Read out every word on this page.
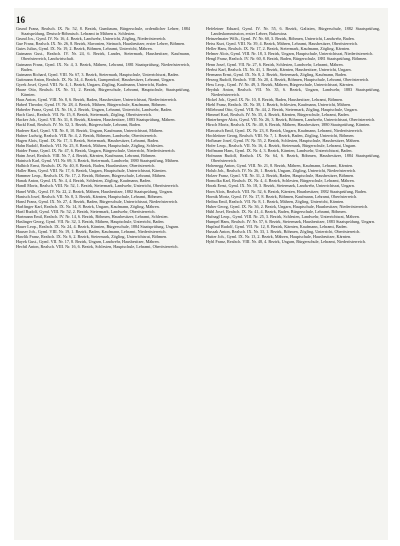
16
Grund Franz, Realsch. IX. Nr. 52, 8. Bezirk, Gumbaum, Bürgerschule, ordentlicher Lehrer, 1884 Staatsprüfung, Deutsch-Böhmisch. Lehramt in Mähren u. Schlesien.
Grund Jos., Gyml. IV. Nr. 16, 4. Bezirk, Landwehr, Unterricht, Zögling, Niederösterreich.
Gue Franz, Realsch. IX. Nr. 26, 8. Bezirk, Slavonien, Steinach, Hausbesitzer, erster Lehrer, Böhmen.
Gutes Julius, Gyml. IX. Nr. 19, 2. Bezirk, Böhmen, Lehramt, Unterricht, Mähren.
Gutmann Gust., Realsch. IV. Nr. 24, 6. Bezirk, Landes, Steiermark, Hausbesitzer, Kaufmann, Oberösterreich, Landwirtschaft.
Gutmann Franz, Gyml. IX. Nr. 4, 3. Bezirk, Mähren, Lehramt, 1881 Staatsprüfung, Niederösterreich, Baden.
Gutmann Richard, Gyml. VIII. Nr. 67, 3. Bezirk, Steiermark, Hauptschule, Unterrichtsrat, Baden.
Guttmann Anton, Realsch. IX. Nr. 34, 4. Bezirk, Gumpendorf, Hausbesitzer, Lehramt, Ungarn.
Gyrek Josef, Gyml. VIII. Nr. 4, 1. Bezirk, Ungarn, Zögling, Kaufmann, Unterricht, Baden.
Haase Otto, Realsch. IX. Nr. 51, 2. Bezirk, Bürgerschule, Lehramt, Hauptschule, Staatsprüfung, Kärnten.
Haas Anton, Gyml. VIII. Nr. 8, 6. Bezirk, Baden, Hausbesitzer, Unterrichtsrat, Niederösterreich.
Haberl Theodor, Gyml. IV. Nr. 28, 4. Bezirk, Mähren, Bürgerschule, Kaufmann, Böhmen.
Haberler Franz, Gyml. IX. Nr. 16, 2. Bezirk, Ungarn, Lehramt, Unterricht, Landwehr, Baden.
Hach Gust., Realsch. VII. Nr. 15, 8. Bezirk, Steiermark, Zögling, Oberösterreich.
Hacker Joh., Gyml. VII. Nr. 31, 8. Bezirk, Kärnten, Hausbesitzer, 1883 Staatsprüfung, Mähren.
Hackl Emil, Realsch. IV. Nr. 52, 3. Bezirk, Bürgerschule, Lehramt, Baden.
Haderer Karl, Gyml. VII. Nr. 8, 10. Bezirk, Ungarn, Kaufmann, Unterrichtsrat, Mähren.
Hafner Ludwig, Realsch. VIII. Nr. 4, 2. Bezirk, Böhmen, Landwehr, Oberösterreich.
Hagen Alois, Gyml. IX. Nr. 17, 3. Bezirk, Steiermark, Hausbesitzer, Lehramt, Baden.
Hahn Rudolf, Realsch. VII. Nr. 25, 8. Bezirk, Mähren, Hauptschule, Zögling, Schlesien.
Haider Franz, Gyml. IX. Nr. 47, 6. Bezirk, Ungarn, Bürgerschule, Unterricht, Niederösterreich.
Haim Josef, Realsch. VIII. Nr. 7, 4. Bezirk, Kärnten, Kaufmann, Lehramt, Böhmen.
Hainisch Karl, Gyml. VII. Nr. 69, 3. Bezirk, Steiermark, Landwehr, 1880 Staatsprüfung, Mähren.
Halbich Ernst, Realsch. IX. Nr. 40, 8. Bezirk, Baden, Hausbesitzer, Oberösterreich.
Haller Hans, Gyml. VIII. Nr. 17, 6. Bezirk, Ungarn, Hauptschule, Unterrichtsrat, Kärnten.
Hammer Leop., Realsch. IX. Nr. 17, 2. Bezirk, Böhmen, Bürgerschule, Lehramt, Mähren.
Hanak Anton, Gyml. IX. Nr. 4, 4. Bezirk, Schlesien, Zögling, Kaufmann, Baden.
Handl Moriz, Realsch. VIII. Nr. 52, 1. Bezirk, Steiermark, Landwehr, Unterricht, Oberösterreich.
Hanel Wilh., Gyml. IV. Nr. 22, 2. Bezirk, Mähren, Hausbesitzer, 1882 Staatsprüfung, Ungarn.
Hanisch Josef, Realsch. VII. Nr. 8, 3. Bezirk, Kärnten, Hauptschule, Lehramt, Böhmen.
Hansl Franz, Gyml. IX. Nr. 27, 4. Bezirk, Baden, Bürgerschule, Unterrichtsrat, Niederösterreich.
Harlfinger Karl, Realsch. IX. Nr. 14, 8. Bezirk, Ungarn, Kaufmann, Zögling, Mähren.
Hartl Rudolf, Gyml. VIII. Nr. 52, 2. Bezirk, Steiermark, Landwehr, Oberösterreich.
Hartmann Emil, Realsch. IV. Nr. 14, 6. Bezirk, Böhmen, Hausbesitzer, Lehramt, Schlesien.
Haslinger Georg, Gyml. VII. Nr. 32, 3. Bezirk, Mähren, Hauptschule, Unterricht, Baden.
Hauer Leop., Realsch. IX. Nr. 24, 4. Bezirk, Kärnten, Bürgerschule, 1884 Staatsprüfung, Ungarn.
Hauser Joh., Gyml. VIII. Nr. 19, 1. Bezirk, Baden, Kaufmann, Lehramt, Niederösterreich.
Hawlik Franz, Realsch. IX. Nr. 6, 2. Bezirk, Steiermark, Zögling, Unterrichtsrat, Böhmen.
Hayek Gust., Gyml. VII. Nr. 17, 8. Bezirk, Ungarn, Landwehr, Hausbesitzer, Mähren.
Hechtl Anton, Realsch. VIII. Nr. 16, 6. Bezirk, Schlesien, Hauptschule, Lehramt, Oberösterreich.
Hefeleiner Eduard, Gyml. IV. Nr. 55, 6. Bezirk, Galizien, Bürgerschule, 1882 Staatsprüfung, Landeskommission, erster Lehrer, Bukowina.
Heinzelmaier Wilh., Gyml. IV. Nr. 60, 3. Bezirk, Böhmen, Unterricht, Landwehr, Baden.
Heiss Kurt, Gyml. VIII. Nr. 39, 4. Bezirk, Mähren, Lehramt, Hausbesitzer, Oberösterreich.
Heller Hans, Realsch. IX. Nr. 17, 2. Bezirk, Steiermark, Kaufmann, Zögling, Kärnten.
Helmer Alois, Gyml. VIII. Nr. 18, 3. Bezirk, Ungarn, Hauptschule, Unterrichtsrat, Niederösterreich.
Hengl Franz, Realsch. IV. Nr. 60, 8. Bezirk, Baden, Bürgerschule, 1881 Staatsprüfung, Böhmen.
Henn Josef, Gyml. VII. Nr. 27, 6. Bezirk, Schlesien, Landwehr, Lehramt, Mähren.
Herbst Karl, Realsch. IX. Nr. 41, 1. Bezirk, Kärnten, Hausbesitzer, Unterricht, Ungarn.
Hermann Ernst, Gyml. IX. Nr. 8, 2. Bezirk, Steiermark, Zögling, Kaufmann, Baden.
Herzog Rudolf, Realsch. VIII. Nr. 20, 4. Bezirk, Böhmen, Hauptschule, Lehramt, Oberösterreich.
Hess Leop., Gyml. IV. Nr. 49, 3. Bezirk, Mähren, Bürgerschule, Unterrichtsrat, Kärnten.
Heyduk Anton, Realsch. VII. Nr. 35, 6. Bezirk, Ungarn, Landwehr, 1883 Staatsprüfung, Niederösterreich.
Hickel Joh., Gyml. IX. Nr. 10, 8. Bezirk, Baden, Hausbesitzer, Lehramt, Böhmen.
Hiebl Franz, Realsch. IX. Nr. 38, 1. Bezirk, Schlesien, Kaufmann, Unterricht, Mähren.
Hillebrand Otto, Gyml. VIII. Nr. 44, 2. Bezirk, Steiermark, Zögling, Hauptschule, Ungarn.
Himmel Karl, Realsch. IV. Nr. 35, 4. Bezirk, Kärnten, Bürgerschule, Lehramt, Baden.
Hinterberger Alois, Gyml. VII. Nr. 26, 3. Bezirk, Böhmen, Landwehr, Unterrichtsrat, Oberösterreich.
Hirsch Moriz, Realsch. IX. Nr. 40, 6. Bezirk, Mähren, Hausbesitzer, 1880 Staatsprüfung, Kärnten.
Hlawatsch Emil, Gyml. IX. Nr. 23, 8. Bezirk, Ungarn, Kaufmann, Lehramt, Niederösterreich.
Hochleitner Georg, Realsch. VIII. Nr. 7, 1. Bezirk, Baden, Zögling, Unterricht, Böhmen.
Hofbauer Josef, Gyml. IV. Nr. 55, 2. Bezirk, Schlesien, Hauptschule, Hausbesitzer, Mähren.
Hofer Leop., Realsch. VII. Nr. 16, 4. Bezirk, Steiermark, Bürgerschule, Lehramt, Ungarn.
Hoffmann Hans, Gyml. IX. Nr. 4, 3. Bezirk, Kärnten, Landwehr, Unterrichtsrat, Baden.
Hofmann Rudolf, Realsch. IX. Nr. 64, 6. Bezirk, Böhmen, Hausbesitzer, 1884 Staatsprüfung, Oberösterreich.
Hohenegg Anton, Gyml. VIII. Nr. 21, 8. Bezirk, Mähren, Kaufmann, Lehramt, Kärnten.
Holub Joh., Realsch. IV. Nr. 26, 1. Bezirk, Ungarn, Zögling, Unterricht, Niederösterreich.
Holzer Franz, Gyml. VII. Nr. 31, 2. Bezirk, Baden, Hauptschule, Hausbesitzer, Böhmen.
Homolka Karl, Realsch. IX. Nr. 4, 4. Bezirk, Schlesien, Bürgerschule, Lehramt, Mähren.
Horak Ernst, Gyml. IX. Nr. 18, 3. Bezirk, Steiermark, Landwehr, Unterrichtsrat, Ungarn.
Horn Alois, Realsch. VIII. Nr. 52, 6. Bezirk, Kärnten, Hausbesitzer, 1882 Staatsprüfung, Baden.
Hornik Moriz, Gyml. IV. Nr. 17, 8. Bezirk, Böhmen, Kaufmann, Lehramt, Oberösterreich.
Hrdina Emil, Realsch. VII. Nr. 8, 1. Bezirk, Mähren, Zögling, Unterricht, Kärnten.
Huber Georg, Gyml. IX. Nr. 36, 2. Bezirk, Ungarn, Hauptschule, Hausbesitzer, Niederösterreich.
Hübl Josef, Realsch. IX. Nr. 41, 4. Bezirk, Baden, Bürgerschule, Lehramt, Böhmen.
Hufnagl Leop., Gyml. VIII. Nr. 25, 3. Bezirk, Schlesien, Landwehr, Unterrichtsrat, Mähren.
Humpel Hans, Realsch. IV. Nr. 57, 6. Bezirk, Steiermark, Hausbesitzer, 1883 Staatsprüfung, Ungarn.
Hupfauf Rudolf, Gyml. VII. Nr. 12, 8. Bezirk, Kärnten, Kaufmann, Lehramt, Baden.
Hussak Anton, Realsch. IX. Nr. 33, 1. Bezirk, Böhmen, Zögling, Unterricht, Oberösterreich.
Hutter Joh., Gyml. IX. Nr. 13, 2. Bezirk, Mähren, Hauptschule, Hausbesitzer, Kärnten.
Hybl Franz, Realsch. VIII. Nr. 48, 4. Bezirk, Ungarn, Bürgerschule, Lehramt, Niederösterreich.
